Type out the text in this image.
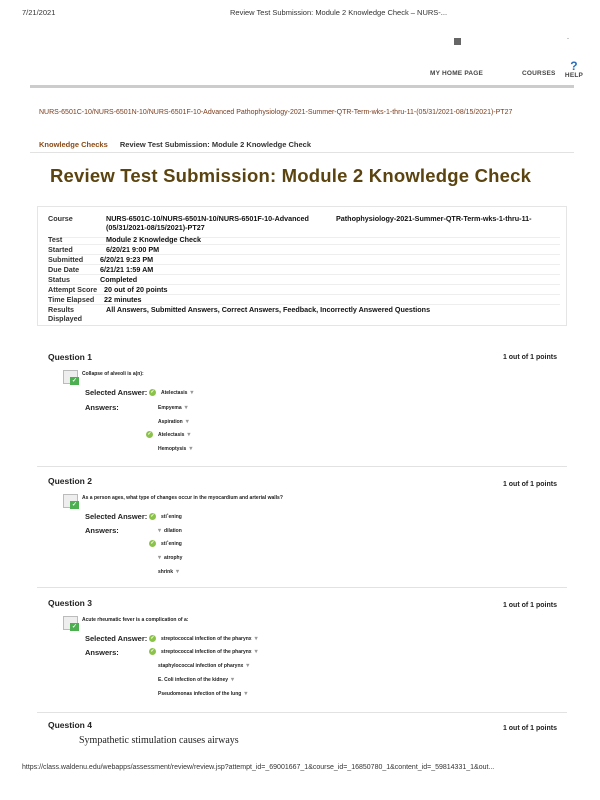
7/21/2021	Review Test Submission: Module 2 Knowledge Check – NURS-...
-
MY HOME PAGE	COURSES
?
HELP
NURS-6501C-10/NURS-6501N-10/NURS-6501F-10-Advanced Pathophysiology-2021-Summer-QTR-Term-wks-1-thru-11-(05/31/2021-08/15/2021)-PT27
Knowledge Checks Review Test Submission: Module 2 Knowledge Check
Review Test Submission: Module 2 Knowledge Check
Course	NURS-6501C-10/NURS-6501N-10/NURS-6501F-10-Advanced	Pathophysiology-2021-Summer-QTR-Term-wks-1-thru-11-
(05/31/2021-08/15/2021)-PT27
Test	Module 2 Knowledge Check
Started	6/20/21 9:00 PM
Submitted 6/20/21 9:23 PM
Due Date	6/21/21 1:59 AM
Status	Completed
Attempt Score 20 out of 20 points
Time Elapsed 22 minutes
Results
Displayed
All Answers, Submitted Answers, Correct Answers, Feedback, Incorrectly Answered Questions
Question 1	1 out of 1 points
✓
Collapse of alveoli is a(n):
Selected Answer: ✓ Atelectasis ▾
Answers:	Empyema ▾
Aspiration ▾
✓ Atelectasis ▾
Hemoptysis ▾
Question 2	1 out of 1 points
✓
As a person ages, what type of changes occur in the myocardium and arterial walls?
Selected Answer: ✓ sti˚ening
Answers:	▾ dilation
✓ sti˚ening
▾ atrophy
shrink ▾
Question 3	1 out of 1 points
✓
Acute rheumatic fever is a complication of a:
Selected Answer: ✓ streptococcal infection of the pharynx ▾
Answers:	✓ streptococcal infection of the pharynx ▾
staphylococcal infection of pharynx ▾
E. Coli infection of the kidney ▾
Pseudomonas infection of the lung ▾
Question 4	1 out of 1 points
Sympathetic stimulation causes airways
https://class.waldenu.edu/webapps/assessment/review/review.jsp?attempt_id=_69001667_1&course_id=_16850780_1&content_id=_59814331_1&out...
